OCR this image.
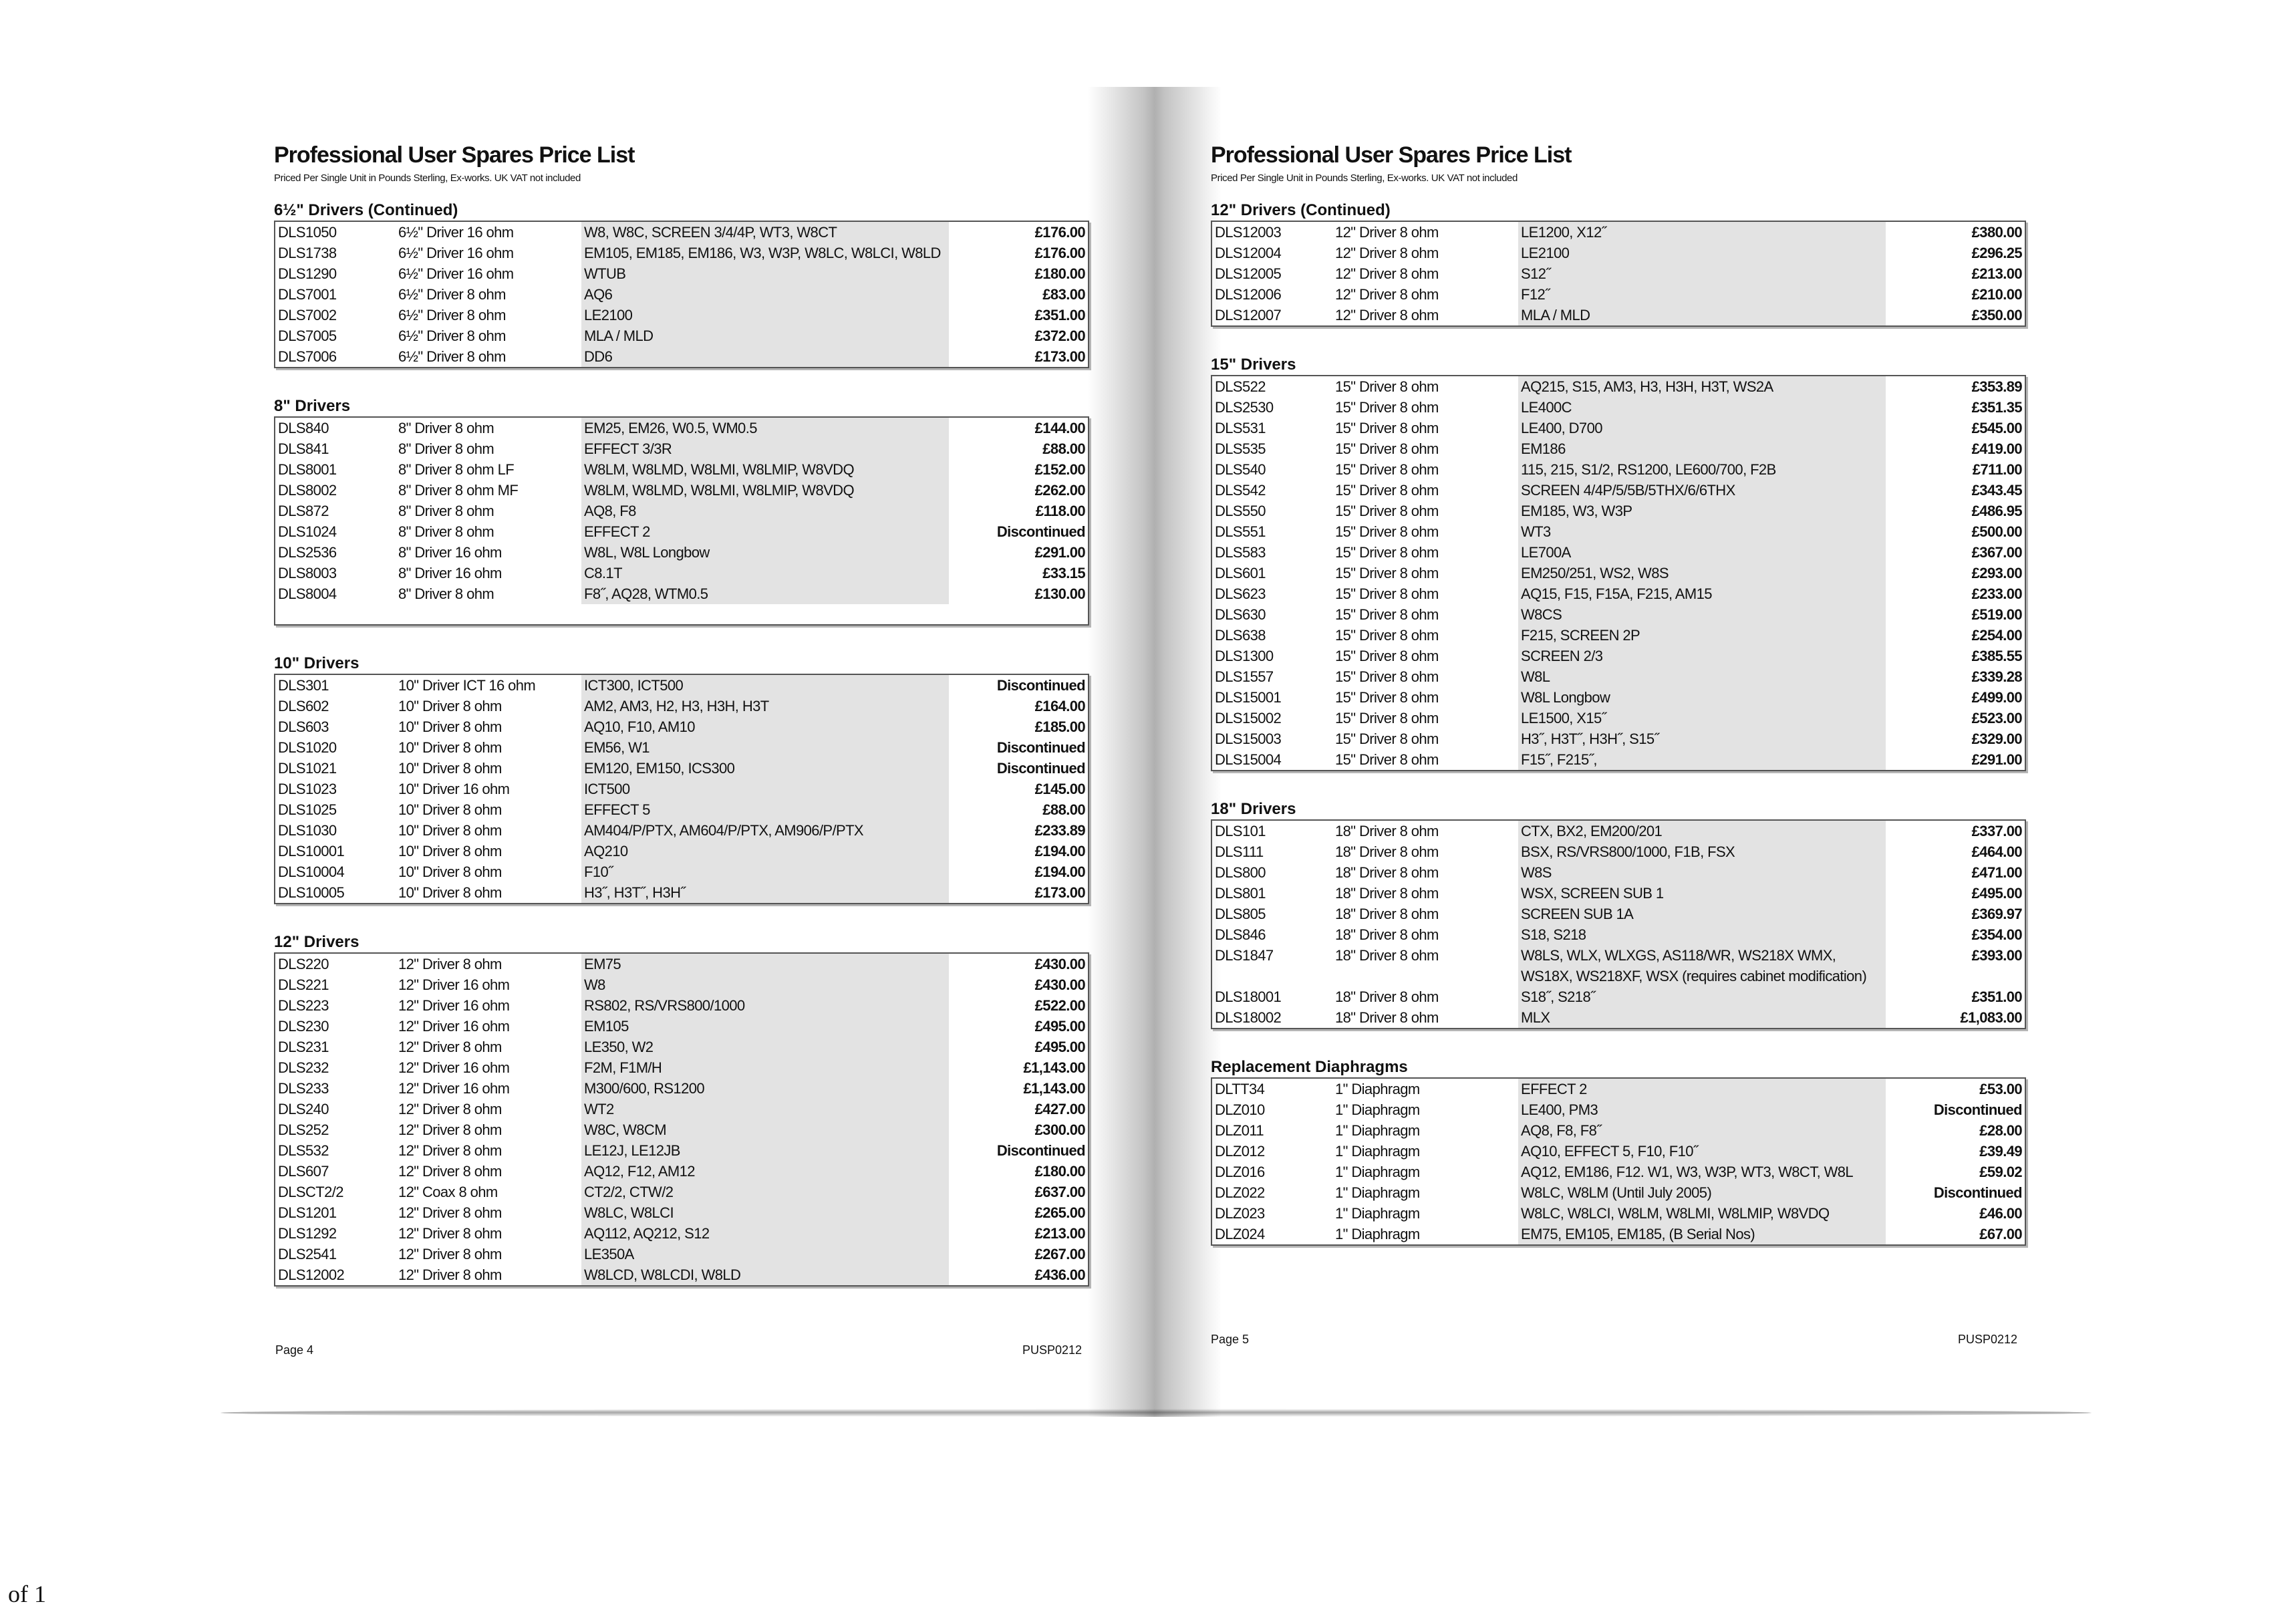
Professional User Spares Price List

Priced Per Single Unit in Pounds Sterling, Ex-works. UK VAT not included

6½" Drivers (Continued)
DLS1050	6½" Driver 16 ohm	W8, W8C, SCREEN 3/4/4P, WT3, W8CT	£176.00
DLS1738	6½" Driver 16 ohm	EM105, EM185, EM186, W3, W3P, W8LC, W8LCI, W8LD	£176.00
DLS1290	6½" Driver 16 ohm	WTUB	£180.00
DLS7001	6½" Driver 8 ohm	AQ6	£83.00
DLS7002	6½" Driver 8 ohm	LE2100	£351.00
DLS7005	6½" Driver 8 ohm	MLA / MLD	£372.00
DLS7006	6½" Driver 8 ohm	DD6	£173.00
8" Drivers
DLS840	8" Driver 8 ohm	EM25, EM26, W0.5, WM0.5	£144.00
DLS841	8" Driver 8 ohm	EFFECT 3/3R	£88.00
DLS8001	8" Driver 8 ohm LF	W8LM, W8LMD, W8LMI, W8LMIP, W8VDQ	£152.00
DLS8002	8" Driver 8 ohm MF	W8LM, W8LMD, W8LMI, W8LMIP, W8VDQ	£262.00
DLS872	8" Driver 8 ohm	AQ8, F8	£118.00
DLS1024	8" Driver 8 ohm	EFFECT 2	Discontinued
DLS2536	8" Driver 16 ohm	W8L, W8L Longbow	£291.00
DLS8003	8" Driver 16 ohm	C8.1T	£33.15
DLS8004	8" Driver 8 ohm	F8˝, AQ28, WTM0.5	£130.00

10" Drivers
DLS301	10" Driver ICT 16 ohm	ICT300, ICT500	Discontinued
DLS602	10" Driver 8 ohm	AM2, AM3, H2, H3, H3H, H3T	£164.00
DLS603	10" Driver 8 ohm	AQ10, F10, AM10	£185.00
DLS1020	10" Driver 8 ohm	EM56, W1	Discontinued
DLS1021	10" Driver 8 ohm	EM120, EM150, ICS300	Discontinued
DLS1023	10" Driver 16 ohm	ICT500	£145.00
DLS1025	10" Driver 8 ohm	EFFECT 5	£88.00
DLS1030	10" Driver 8 ohm	AM404/P/PTX, AM604/P/PTX, AM906/P/PTX	£233.89
DLS10001	10" Driver 8 ohm	AQ210	£194.00
DLS10004	10" Driver 8 ohm	F10˝	£194.00
DLS10005	10" Driver 8 ohm	H3˝, H3T˝, H3H˝	£173.00
12" Drivers
DLS220	12" Driver 8 ohm	EM75	£430.00
DLS221	12" Driver 16 ohm	W8	£430.00
DLS223	12" Driver 16 ohm	RS802, RS/VRS800/1000	£522.00
DLS230	12" Driver 16 ohm	EM105	£495.00
DLS231	12" Driver 8 ohm	LE350, W2	£495.00
DLS232	12" Driver 16 ohm	F2M, F1M/H	£1,143.00
DLS233	12" Driver 16 ohm	M300/600, RS1200	£1,143.00
DLS240	12" Driver 8 ohm	WT2	£427.00
DLS252	12" Driver 8 ohm	W8C, W8CM	£300.00
DLS532	12" Driver 8 ohm	LE12J, LE12JB	Discontinued
DLS607	12" Driver 8 ohm	AQ12, F12, AM12	£180.00
DLSCT2/2	12" Coax 8 ohm	CT2/2, CTW/2	£637.00
DLS1201	12" Driver 8 ohm	W8LC, W8LCI	£265.00
DLS1292	12" Driver 8 ohm	AQ112, AQ212, S12	£213.00
DLS2541	12" Driver 8 ohm	LE350A	£267.00
DLS12002	12" Driver 8 ohm	W8LCD, W8LCDI, W8LD	£436.00
Professional User Spares Price List

Priced Per Single Unit in Pounds Sterling, Ex-works. UK VAT not included

12" Drivers (Continued)
DLS12003	12" Driver 8 ohm	LE1200, X12˝	£380.00
DLS12004	12" Driver 8 ohm	LE2100	£296.25
DLS12005	12" Driver 8 ohm	S12˝	£213.00
DLS12006	12" Driver 8 ohm	F12˝	£210.00
DLS12007	12" Driver 8 ohm	MLA / MLD	£350.00
15" Drivers
DLS522	15" Driver 8 ohm	AQ215, S15, AM3, H3, H3H, H3T, WS2A	£353.89
DLS2530	15" Driver 8 ohm	LE400C	£351.35
DLS531	15" Driver 8 ohm	LE400, D700	£545.00
DLS535	15" Driver 8 ohm	EM186	£419.00
DLS540	15" Driver 8 ohm	115, 215, S1/2, RS1200, LE600/700, F2B	£711.00
DLS542	15" Driver 8 ohm	SCREEN 4/4P/5/5B/5THX/6/6THX	£343.45
DLS550	15" Driver 8 ohm	EM185, W3, W3P	£486.95
DLS551	15" Driver 8 ohm	WT3	£500.00
DLS583	15" Driver 8 ohm	LE700A	£367.00
DLS601	15" Driver 8 ohm	EM250/251, WS2, W8S	£293.00
DLS623	15" Driver 8 ohm	AQ15, F15, F15A, F215, AM15	£233.00
DLS630	15" Driver 8 ohm	W8CS	£519.00
DLS638	15" Driver 8 ohm	F215, SCREEN 2P	£254.00
DLS1300	15" Driver 8 ohm	SCREEN 2/3	£385.55
DLS1557	15" Driver 8 ohm	W8L	£339.28
DLS15001	15" Driver 8 ohm	W8L Longbow	£499.00
DLS15002	15" Driver 8 ohm	LE1500, X15˝	£523.00
DLS15003	15" Driver 8 ohm	H3˝, H3T˝, H3H˝, S15˝	£329.00
DLS15004	15" Driver 8 ohm	F15˝, F215˝,	£291.00
18" Drivers
DLS101	18" Driver 8 ohm	CTX, BX2, EM200/201	£337.00
DLS111	18" Driver 8 ohm	BSX, RS/VRS800/1000, F1B, FSX	£464.00
DLS800	18" Driver 8 ohm	W8S	£471.00
DLS801	18" Driver 8 ohm	WSX, SCREEN SUB 1	£495.00
DLS805	18" Driver 8 ohm	SCREEN SUB 1A	£369.97
DLS846	18" Driver 8 ohm	S18, S218	£354.00
DLS1847	18" Driver 8 ohm	W8LS, WLX, WLXGS, AS118/WR, WS218X WMX, WS18X, WS218XF, WSX (requires cabinet modification)	£393.00
DLS18001	18" Driver 8 ohm	S18˝, S218˝	£351.00
DLS18002	18" Driver 8 ohm	MLX	£1,083.00
Replacement Diaphragms
DLTT34	1" Diaphragm	EFFECT 2	£53.00
DLZ010	1" Diaphragm	LE400, PM3	Discontinued
DLZ011	1" Diaphragm	AQ8, F8, F8˝	£28.00
DLZ012	1" Diaphragm	AQ10, EFFECT 5, F10, F10˝	£39.49
DLZ016	1" Diaphragm	AQ12, EM186, F12. W1, W3, W3P, WT3, W8CT, W8L	£59.02
DLZ022	1" Diaphragm	W8LC, W8LM (Until July 2005)	Discontinued
DLZ023	1" Diaphragm	W8LC, W8LCI, W8LM, W8LMI, W8LMIP, W8VDQ	£46.00
DLZ024	1" Diaphragm	EM75, EM105, EM185, (B Serial Nos)	£67.00
Page 4	PUSP0212
Page 5	PUSP0212
of 1
